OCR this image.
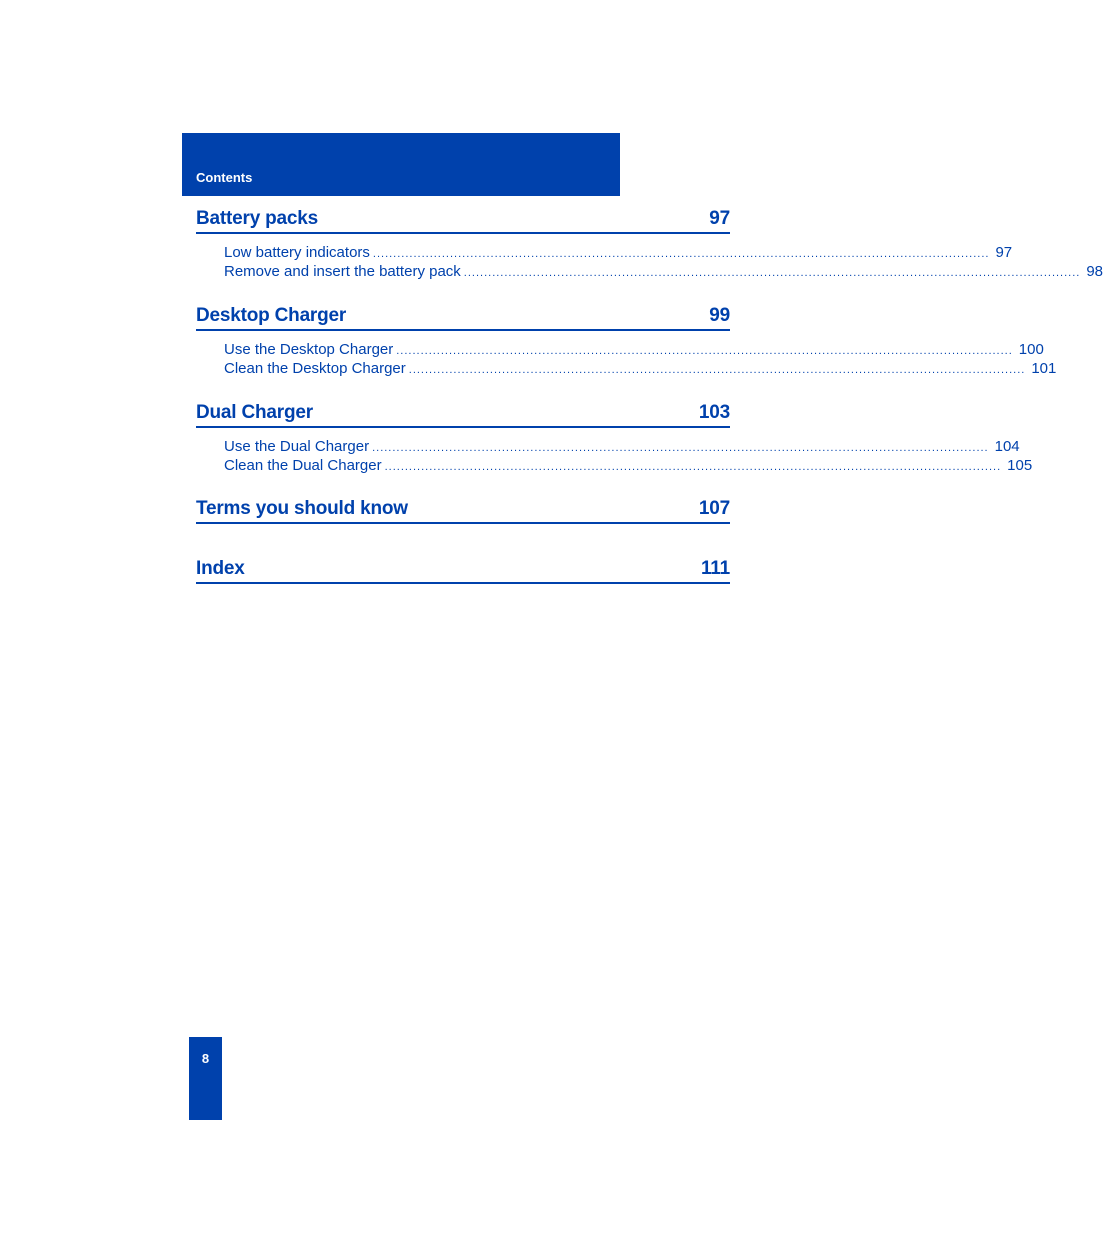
Contents
Battery packs	97
Low battery indicators ........................................................................................................................................................ 97
Remove and insert the battery pack ........................................................................................................................................................ 98
Desktop Charger	99
Use the Desktop Charger ........................................................................................................................................................ 100
Clean the Desktop Charger ........................................................................................................................................................ 101
Dual Charger	103
Use the Dual Charger ........................................................................................................................................................ 104
Clean the Dual Charger ........................................................................................................................................................ 105
Terms you should know	107
Index	111
8
